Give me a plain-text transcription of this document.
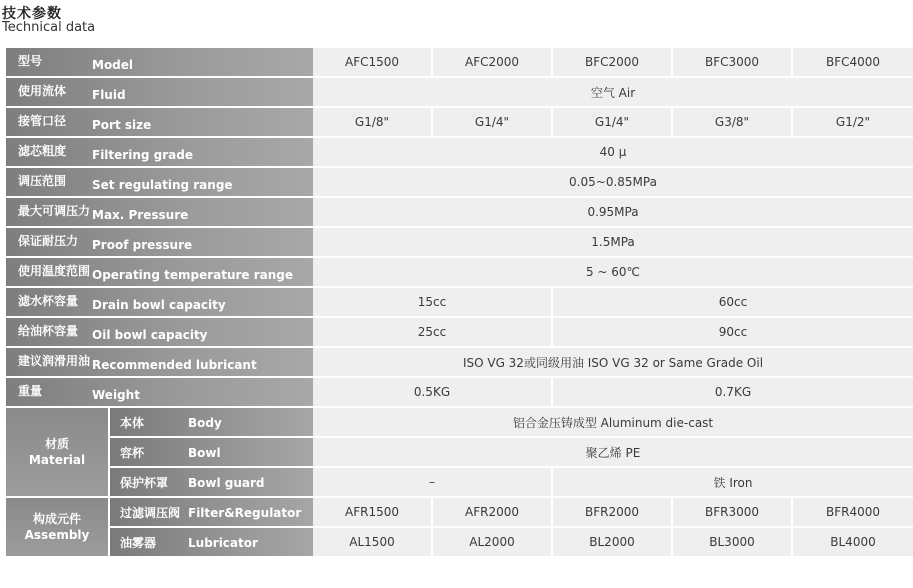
技术参数
Technical data
型号 Model		AFC1500	AFC2000	BFC2000	BFC3000	BFC4000
使用流体 Fluid		空气 Air				
接管口径 Port size		G1/8"	G1/4"	G1/4"	G3/8"	G1/2"
滤芯粗度 Filtering grade		40 μ				
调压范围 Set regulating range		0.05~0.85MPa				
最大可调压力 Max. Pressure		0.95MPa				
保证耐压力 Proof pressure		1.5MPa				
使用温度范围 Operating temperature range		5 ~ 60℃				
滤水杯容量 Drain bowl capacity		15cc		60cc		
给油杯容量 Oil bowl capacity		25cc		90cc		
建议润滑用油 Recommended lubricant		ISO VG 32或同级用油 ISO VG 32 or Same Grade Oil				
重量 Weight		0.5KG		0.7KG		

材质
Material	本体 Body	铝合金压铸成型 Aluminum die-cast				
	容杯 Bowl	聚乙烯 PE				
	保护杯罩 Bowl guard	–		铁 Iron		

构成元件
Assembly	过滤调压阀 Filter&Regulator	AFR1500	AFR2000	BFR2000	BFR3000	BFR4000
	油雾器 Lubricator	AL1500	AL2000	BL2000	BL3000	BL4000
